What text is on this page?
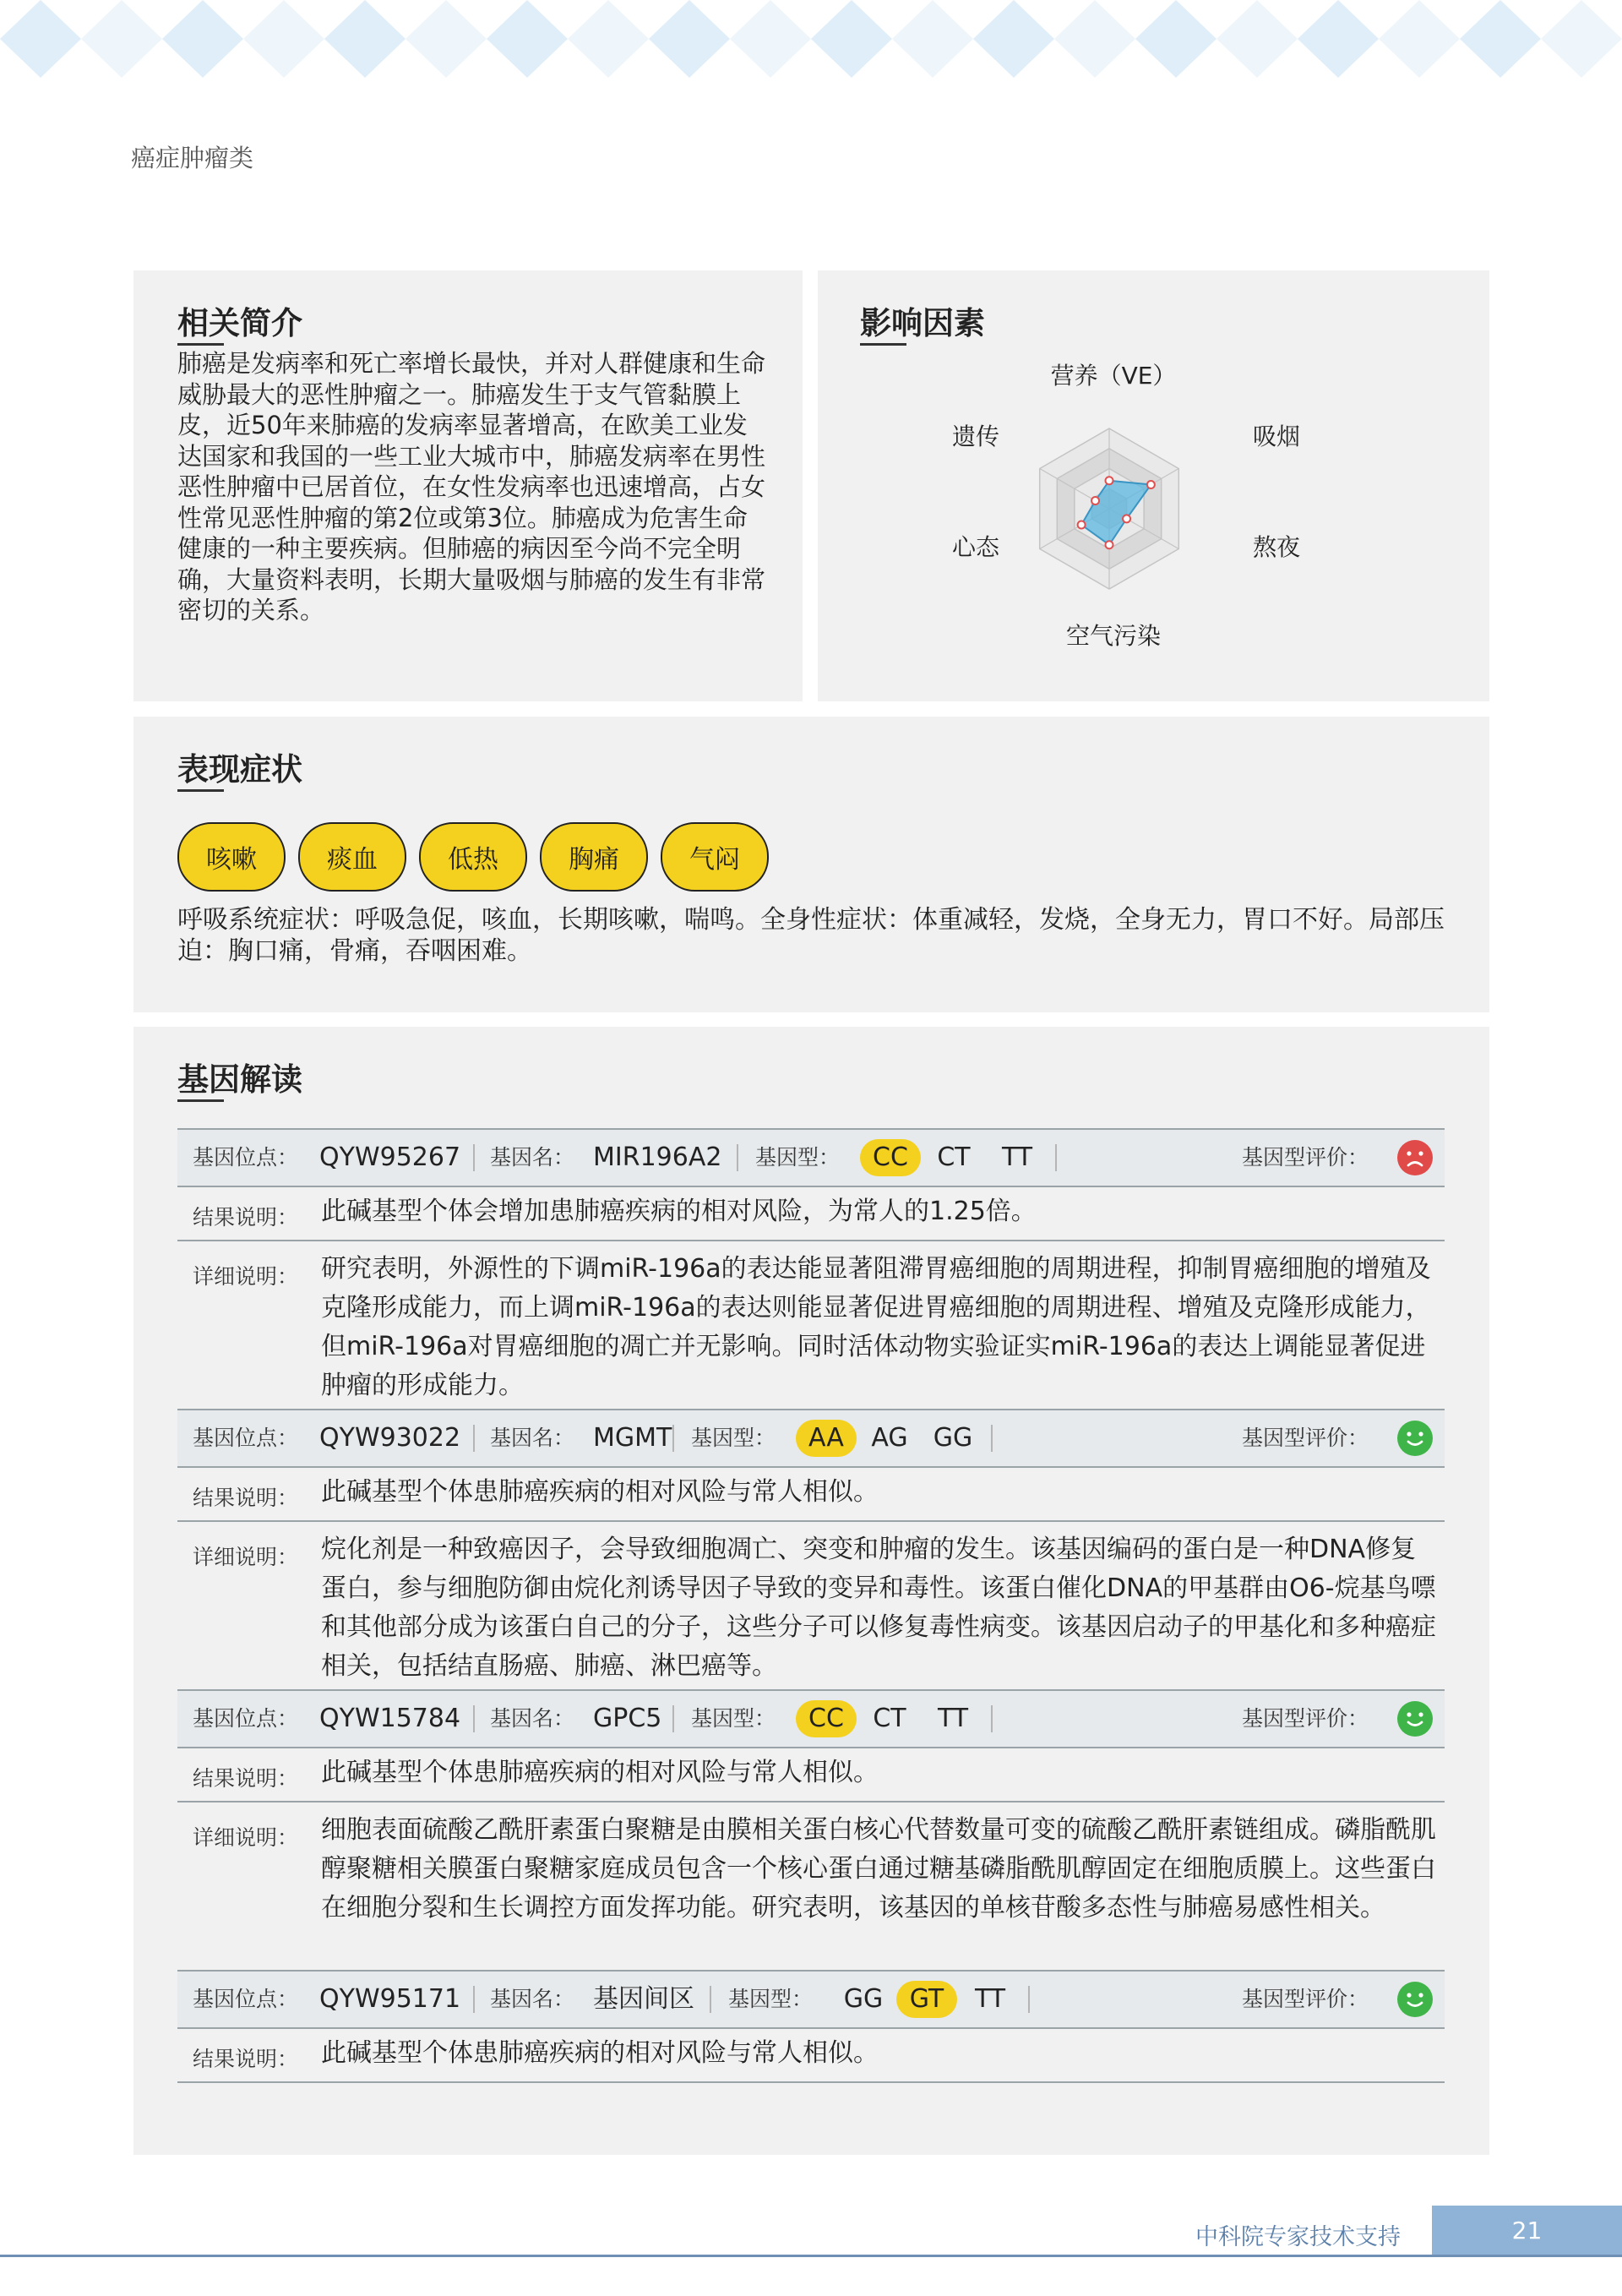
癌症肿瘤类
相关简介
肺癌是发病率和死亡率增长最快，并对人群健康和生命威胁最大的恶性肿瘤之一。肺癌发生于支气管黏膜上皮，近50年来肺癌的发病率显著增高，在欧美工业发达国家和我国的一些工业大城市中，肺癌发病率在男性恶性肿瘤中已居首位，在女性发病率也迅速增高，占女性常见恶性肿瘤的第2位或第3位。肺癌成为危害生命健康的一种主要疾病。但肺癌的病因至今尚不完全明确，大量资料表明，长期大量吸烟与肺癌的发生有非常密切的关系。
影响因素
营养（VE）
吸烟
熬夜
空气污染
心态
遗传
表现症状
咳嗽	痰血	低热	胸痛	气闷
呼吸系统症状：呼吸急促，咳血，长期咳嗽，喘鸣。全身性症状：体重减轻，发烧，全身无力，胃口不好。局部压迫：胸口痛，骨痛，吞咽困难。
基因解读
基因位点： QYW95267 基因名： MIR196A2 基因型：	CC	CT	TT	基因型评价：
结果说明： 此碱基型个体会增加患肺癌疾病的相对风险，为常人的1.25倍。
详细说明： 研究表明，外源性的下调miR-196a的表达能显著阻滞胃癌细胞的周期进程，抑制胃癌细胞的增殖及克隆形成能力，而上调miR-196a的表达则能显著促进胃癌细胞的周期进程、增殖及克隆形成能力，但miR-196a对胃癌细胞的凋亡并无影响。同时活体动物实验证实miR-196a的表达上调能显著促进肿瘤的形成能力。
基因位点： QYW93022 基因名： MGMT 基因型：	AA	AG	GG	基因型评价：
结果说明： 此碱基型个体患肺癌疾病的相对风险与常人相似。
详细说明： 烷化剂是一种致癌因子，会导致细胞凋亡、突变和肿瘤的发生。该基因编码的蛋白是一种DNA修复蛋白，参与细胞防御由烷化剂诱导因子导致的变异和毒性。该蛋白催化DNA的甲基群由O6-烷基鸟嘌和其他部分成为该蛋白自己的分子，这些分子可以修复毒性病变。该基因启动子的甲基化和多种癌症相关，包括结直肠癌、肺癌、淋巴癌等。
基因位点： QYW15784 基因名： GPC5 基因型：	CC	CT	TT	基因型评价：
结果说明： 此碱基型个体患肺癌疾病的相对风险与常人相似。
详细说明： 细胞表面硫酸乙酰肝素蛋白聚糖是由膜相关蛋白核心代替数量可变的硫酸乙酰肝素链组成。磷脂酰肌醇聚糖相关膜蛋白聚糖家庭成员包含一个核心蛋白通过糖基磷脂酰肌醇固定在细胞质膜上。这些蛋白在细胞分裂和生长调控方面发挥功能。研究表明，该基因的单核苷酸多态性与肺癌易感性相关。
基因位点： QYW95171 基因名： 基因间区 基因型：	GG	GT	TT	基因型评价：
结果说明： 此碱基型个体患肺癌疾病的相对风险与常人相似。
中科院专家技术支持	21
